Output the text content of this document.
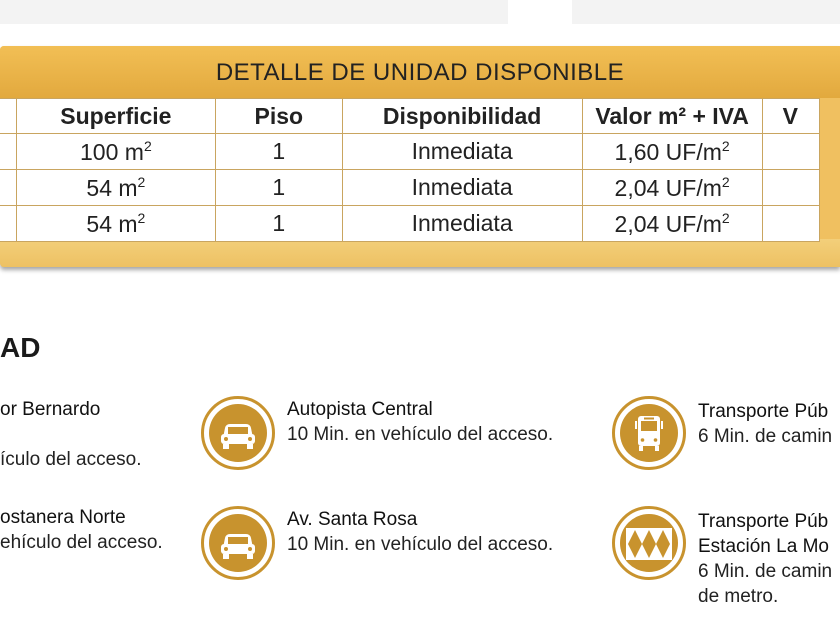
DETALLE DE UNIDAD DISPONIBLE
	Superficie	Piso	Disponibilidad	Valor m² + IVA	V
	100 $m^2$	1	Inmediata	1,60 $UF/m^2$	
	54 $m^2$	1	Inmediata	2,04 $UF/m^2$	
	54 $m^2$	1	Inmediata	2,04 $UF/m^2$	
AD
or Bernardo
ículo del acceso.
ostanera Norte
ehículo del acceso.
Autopista Central
10 Min. en vehículo del acceso.
Av. Santa Rosa
10 Min. en vehículo del acceso.
Transporte Púb
6 Min. de camin
Transporte Púb
Estación La Mo
6 Min. de camin
de metro.
